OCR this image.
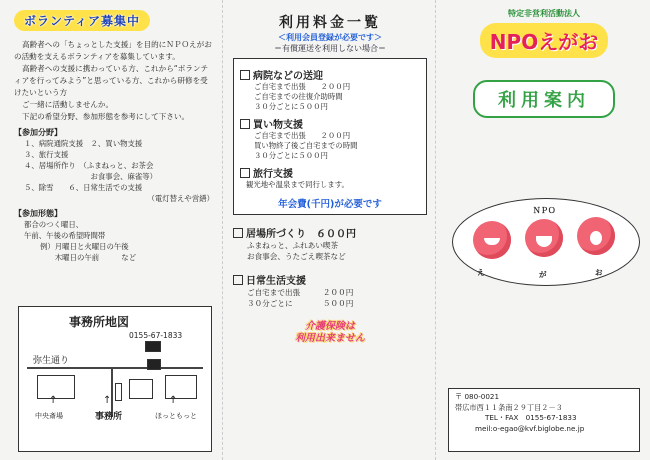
ボランティア募集中

高齢者への「ちょっとした支援」を目的にＮＰＯえがおの活動を支えるボランティアを募集しています。

高齢者への支援に携わっている方、これから“ボランティアを行ってみよう”と思っている方、これから研修を受けたいという方

ご一緒に活動しませんか。

下記の希望分野、参加形態を参考にして下さい。

【参加分野】
１、病院通院支援　２、買い物支援
３、旅行支援
４、居場所作り　（ふまねっと、お茶会
　　　　　　　　　お食事会、麻雀等）
５、除雪　　６、日常生活での支援
（電灯替えや営繕）
【参加形態】
都合のつく曜日、
午前、午後の希望時間帯
例）月曜日と火曜日の午後
　　木曜日の午前　　　など
事務所地図
0155-67-1833
弥生通り
↑	↑	↑
中央斎場	事務所	ほっともっと
利用料金一覧
＜利用会員登録が必要です＞
＝有償運送を利用しない場合＝
病院などの送迎
ご自宅まで出張　　２００円
ご自宅までの往復介助時間
３０分ごとに５００円
買い物支援
ご自宅まで出張　　２００円
買い物終了後ご自宅までの時間
３０分ごとに５００円
旅行支援
観光地や温泉まで同行します。
年会費(千円)が必要です
居場所づくり　６００円
ふまねっと、ふれあい喫茶
お食事会、うたごえ喫茶など
日常生活支援
ご自宅まで出張　　　２００円
３０分ごとに　　　　５００円
介護保険は
利用出来ません
特定非営利活動法人
NPOえがお
利用案内
ＮＰＯ
え	が	お
〒 080-0021
帯広市西１１条南２９丁目２－３
TEL・FAX　0155-67-1833
meil:o-egao@kvf.biglobe.ne.jp
